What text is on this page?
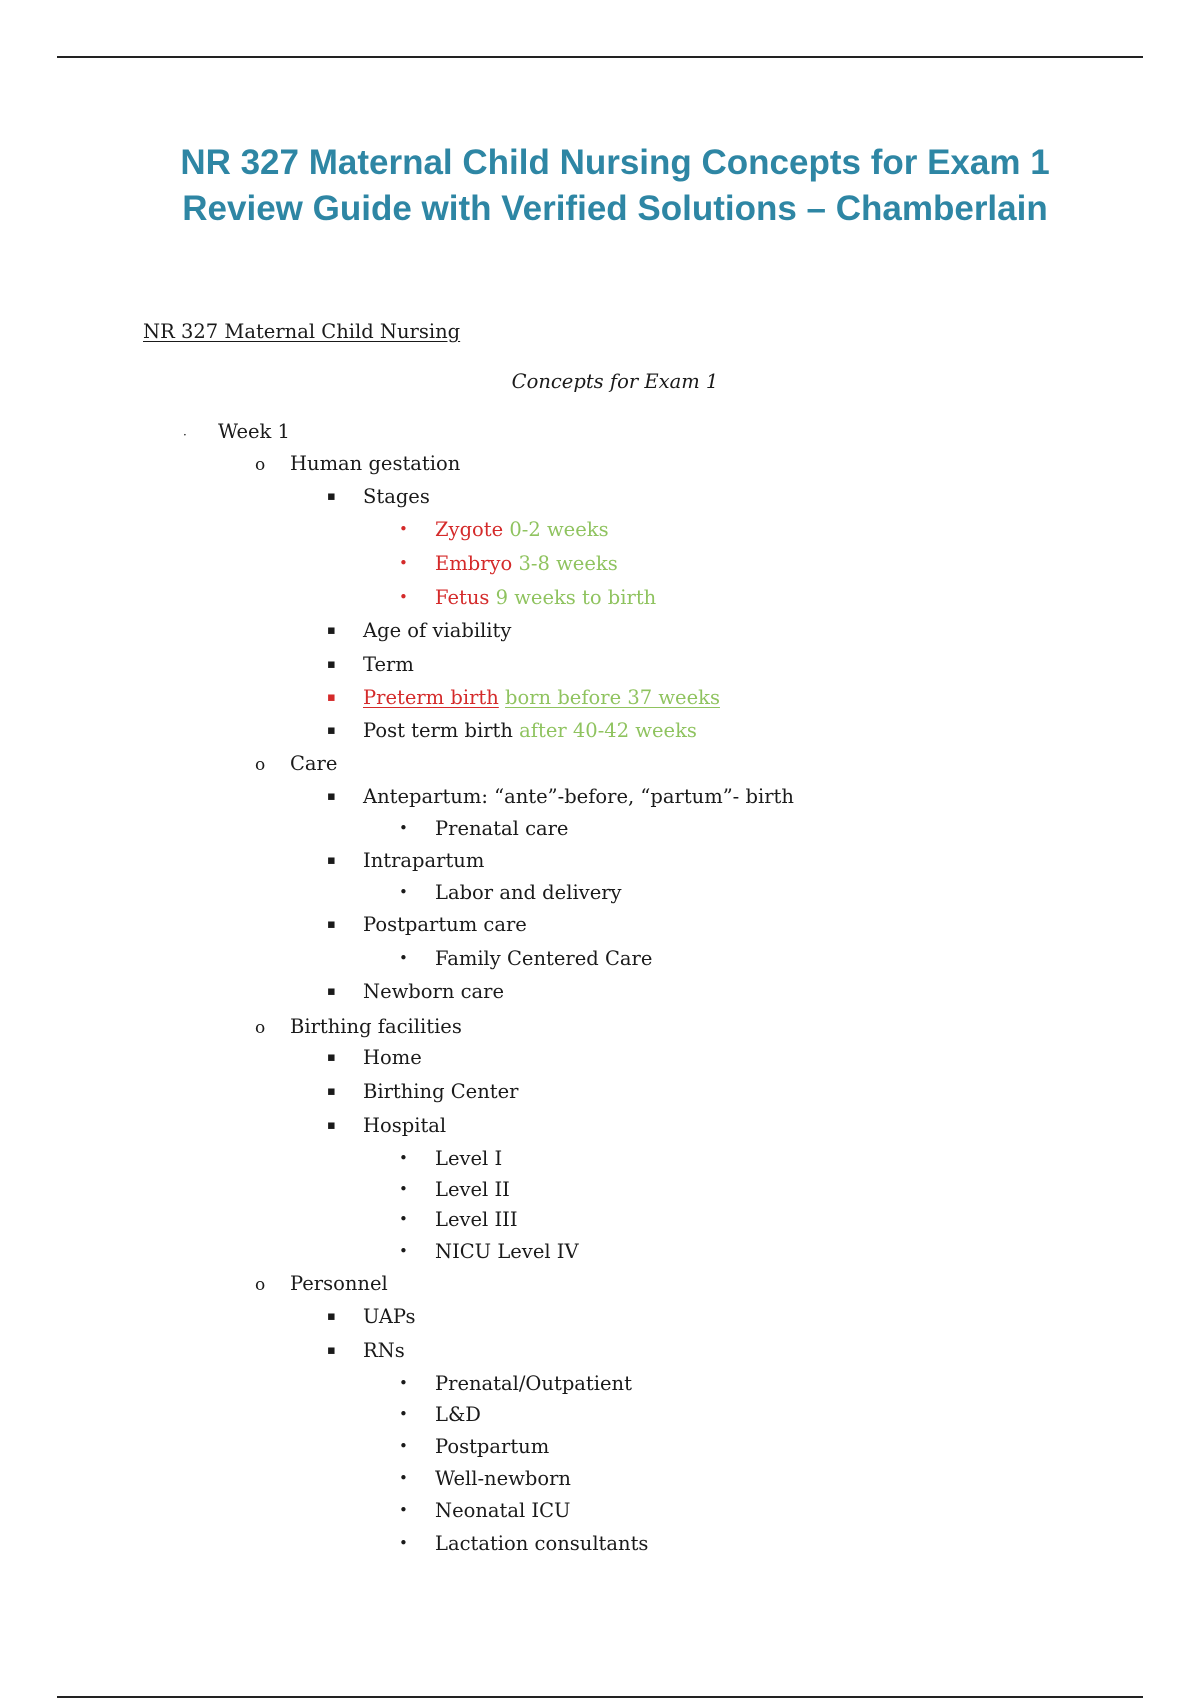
NR 327 Maternal Child Nursing Concepts for Exam 1
Review Guide with Verified Solutions – Chamberlain
NR 327 Maternal Child Nursing
Concepts for Exam 1
· Week 1
o Human gestation
▪ Stages
• Zygote 0-2 weeks
• Embryo 3-8 weeks
• Fetus 9 weeks to birth
▪ Age of viability
▪ Term
▪ Preterm birth born before 37 weeks
▪ Post term birth after 40-42 weeks
o Care
▪ Antepartum: “ante”-before, “partum”- birth
• Prenatal care
▪ Intrapartum
• Labor and delivery
▪ Postpartum care
• Family Centered Care
▪ Newborn care
o Birthing facilities
▪ Home
▪ Birthing Center
▪ Hospital
• Level I
• Level II
• Level III
• NICU Level IV
o Personnel
▪ UAPs
▪ RNs
• Prenatal/Outpatient
• L&D
• Postpartum
• Well-newborn
• Neonatal ICU
• Lactation consultants
